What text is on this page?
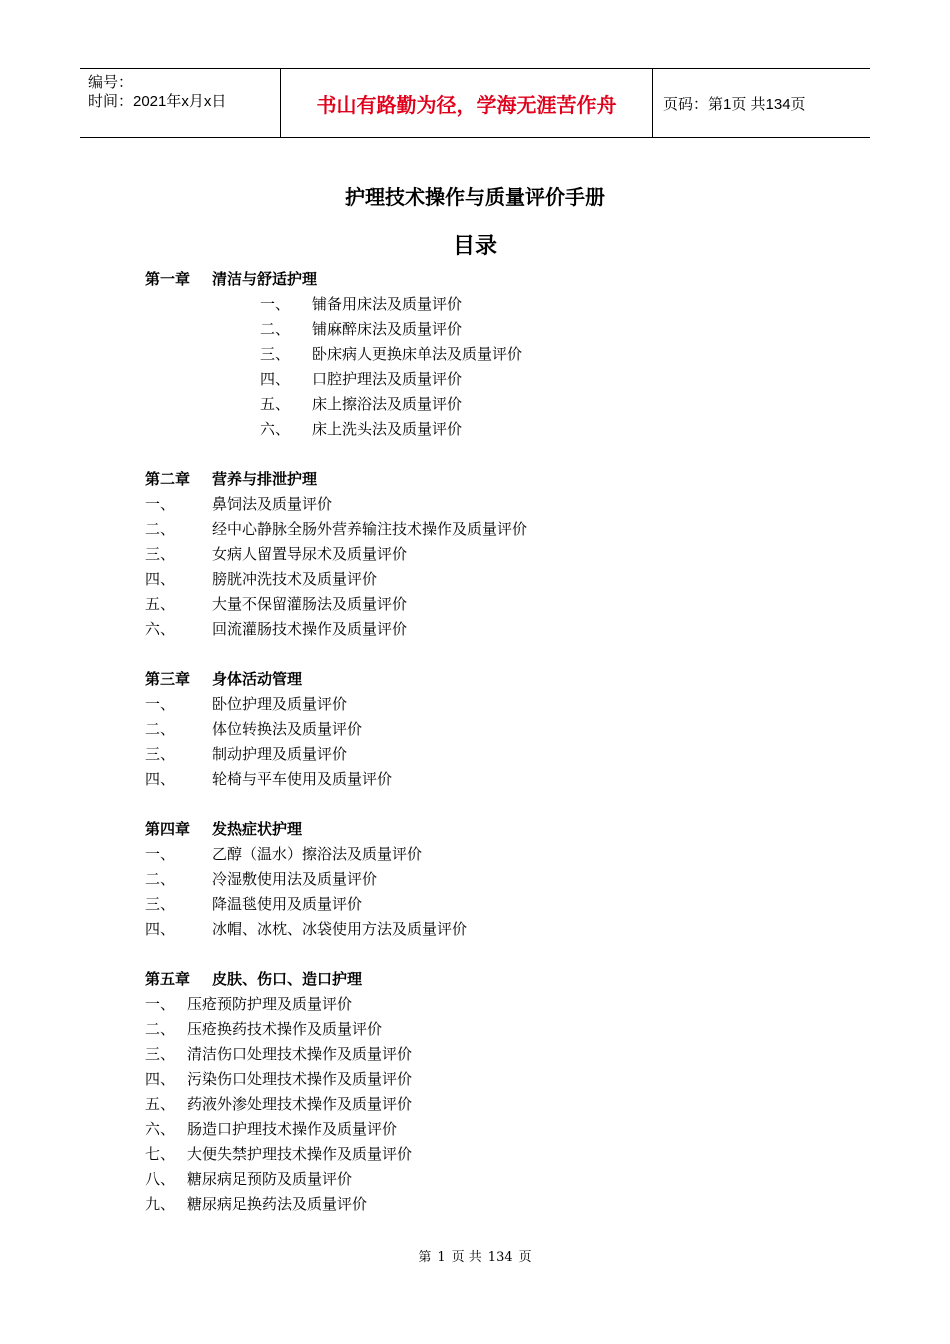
编号：
时间：2021年x月x日	书山有路勤为径，学海无涯苦作舟	页码：第1页 共134页
护理技术操作与质量评价手册
目录
第一章	清洁与舒适护理
一、	铺备用床法及质量评价
二、	铺麻醉床法及质量评价
三、	卧床病人更换床单法及质量评价
四、	口腔护理法及质量评价
五、	床上擦浴法及质量评价
六、	床上洗头法及质量评价
第二章	营养与排泄护理
一、	鼻饲法及质量评价
二、	经中心静脉全肠外营养输注技术操作及质量评价
三、	女病人留置导尿术及质量评价
四、	膀胱冲洗技术及质量评价
五、	大量不保留灌肠法及质量评价
六、	回流灌肠技术操作及质量评价
第三章	身体活动管理
一、	卧位护理及质量评价
二、	体位转换法及质量评价
三、	制动护理及质量评价
四、	轮椅与平车使用及质量评价
第四章	发热症状护理
一、	乙醇（温水）擦浴法及质量评价
二、	冷湿敷使用法及质量评价
三、	降温毯使用及质量评价
四、	冰帽、冰枕、冰袋使用方法及质量评价
第五章	皮肤、伤口、造口护理
一、 压疮预防护理及质量评价
二、 压疮换药技术操作及质量评价
三、 清洁伤口处理技术操作及质量评价
四、 污染伤口处理技术操作及质量评价
五、 药液外渗处理技术操作及质量评价
六、 肠造口护理技术操作及质量评价
七、 大便失禁护理技术操作及质量评价
八、 糖尿病足预防及质量评价
九、 糖尿病足换药法及质量评价
第 1 页 共 134 页
